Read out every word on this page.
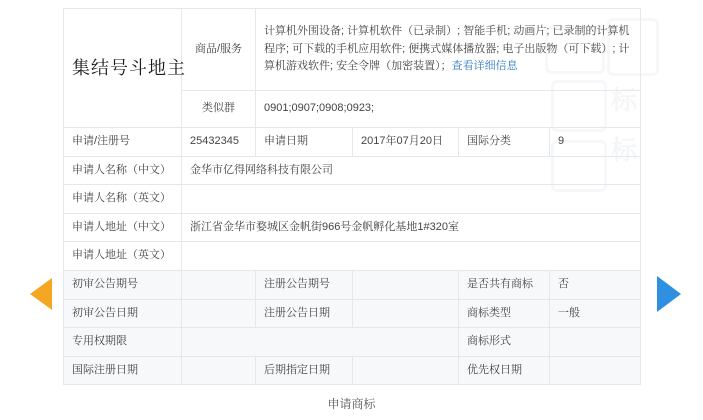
标
标
集结号斗地主	商品/服务	计算机外围设备; 计算机软件（已录制）; 智能手机; 动画片; 已录制的计算机程序; 可下载的手机应用软件; 便携式媒体播放器; 电子出版物（可下载）; 计算机游戏软件; 安全令牌（加密装置）；查看详细信息			
	类似群	0901;0907;0908;0923;			
申请/注册号	25432345	申请日期	2017年07月20日	国际分类	9
申请人名称（中文）	金华市亿得网络科技有限公司				
申请人名称（英文）					
申请人地址（中文）	浙江省金华市婺城区金帆街966号金帆孵化基地1#320室				
申请人地址（英文）					
初审公告期号		注册公告期号		是否共有商标	否
初审公告日期		注册公告日期		商标类型	一般
专用权期限				商标形式	
国际注册日期		后期指定日期		优先权日期	
申请商标
